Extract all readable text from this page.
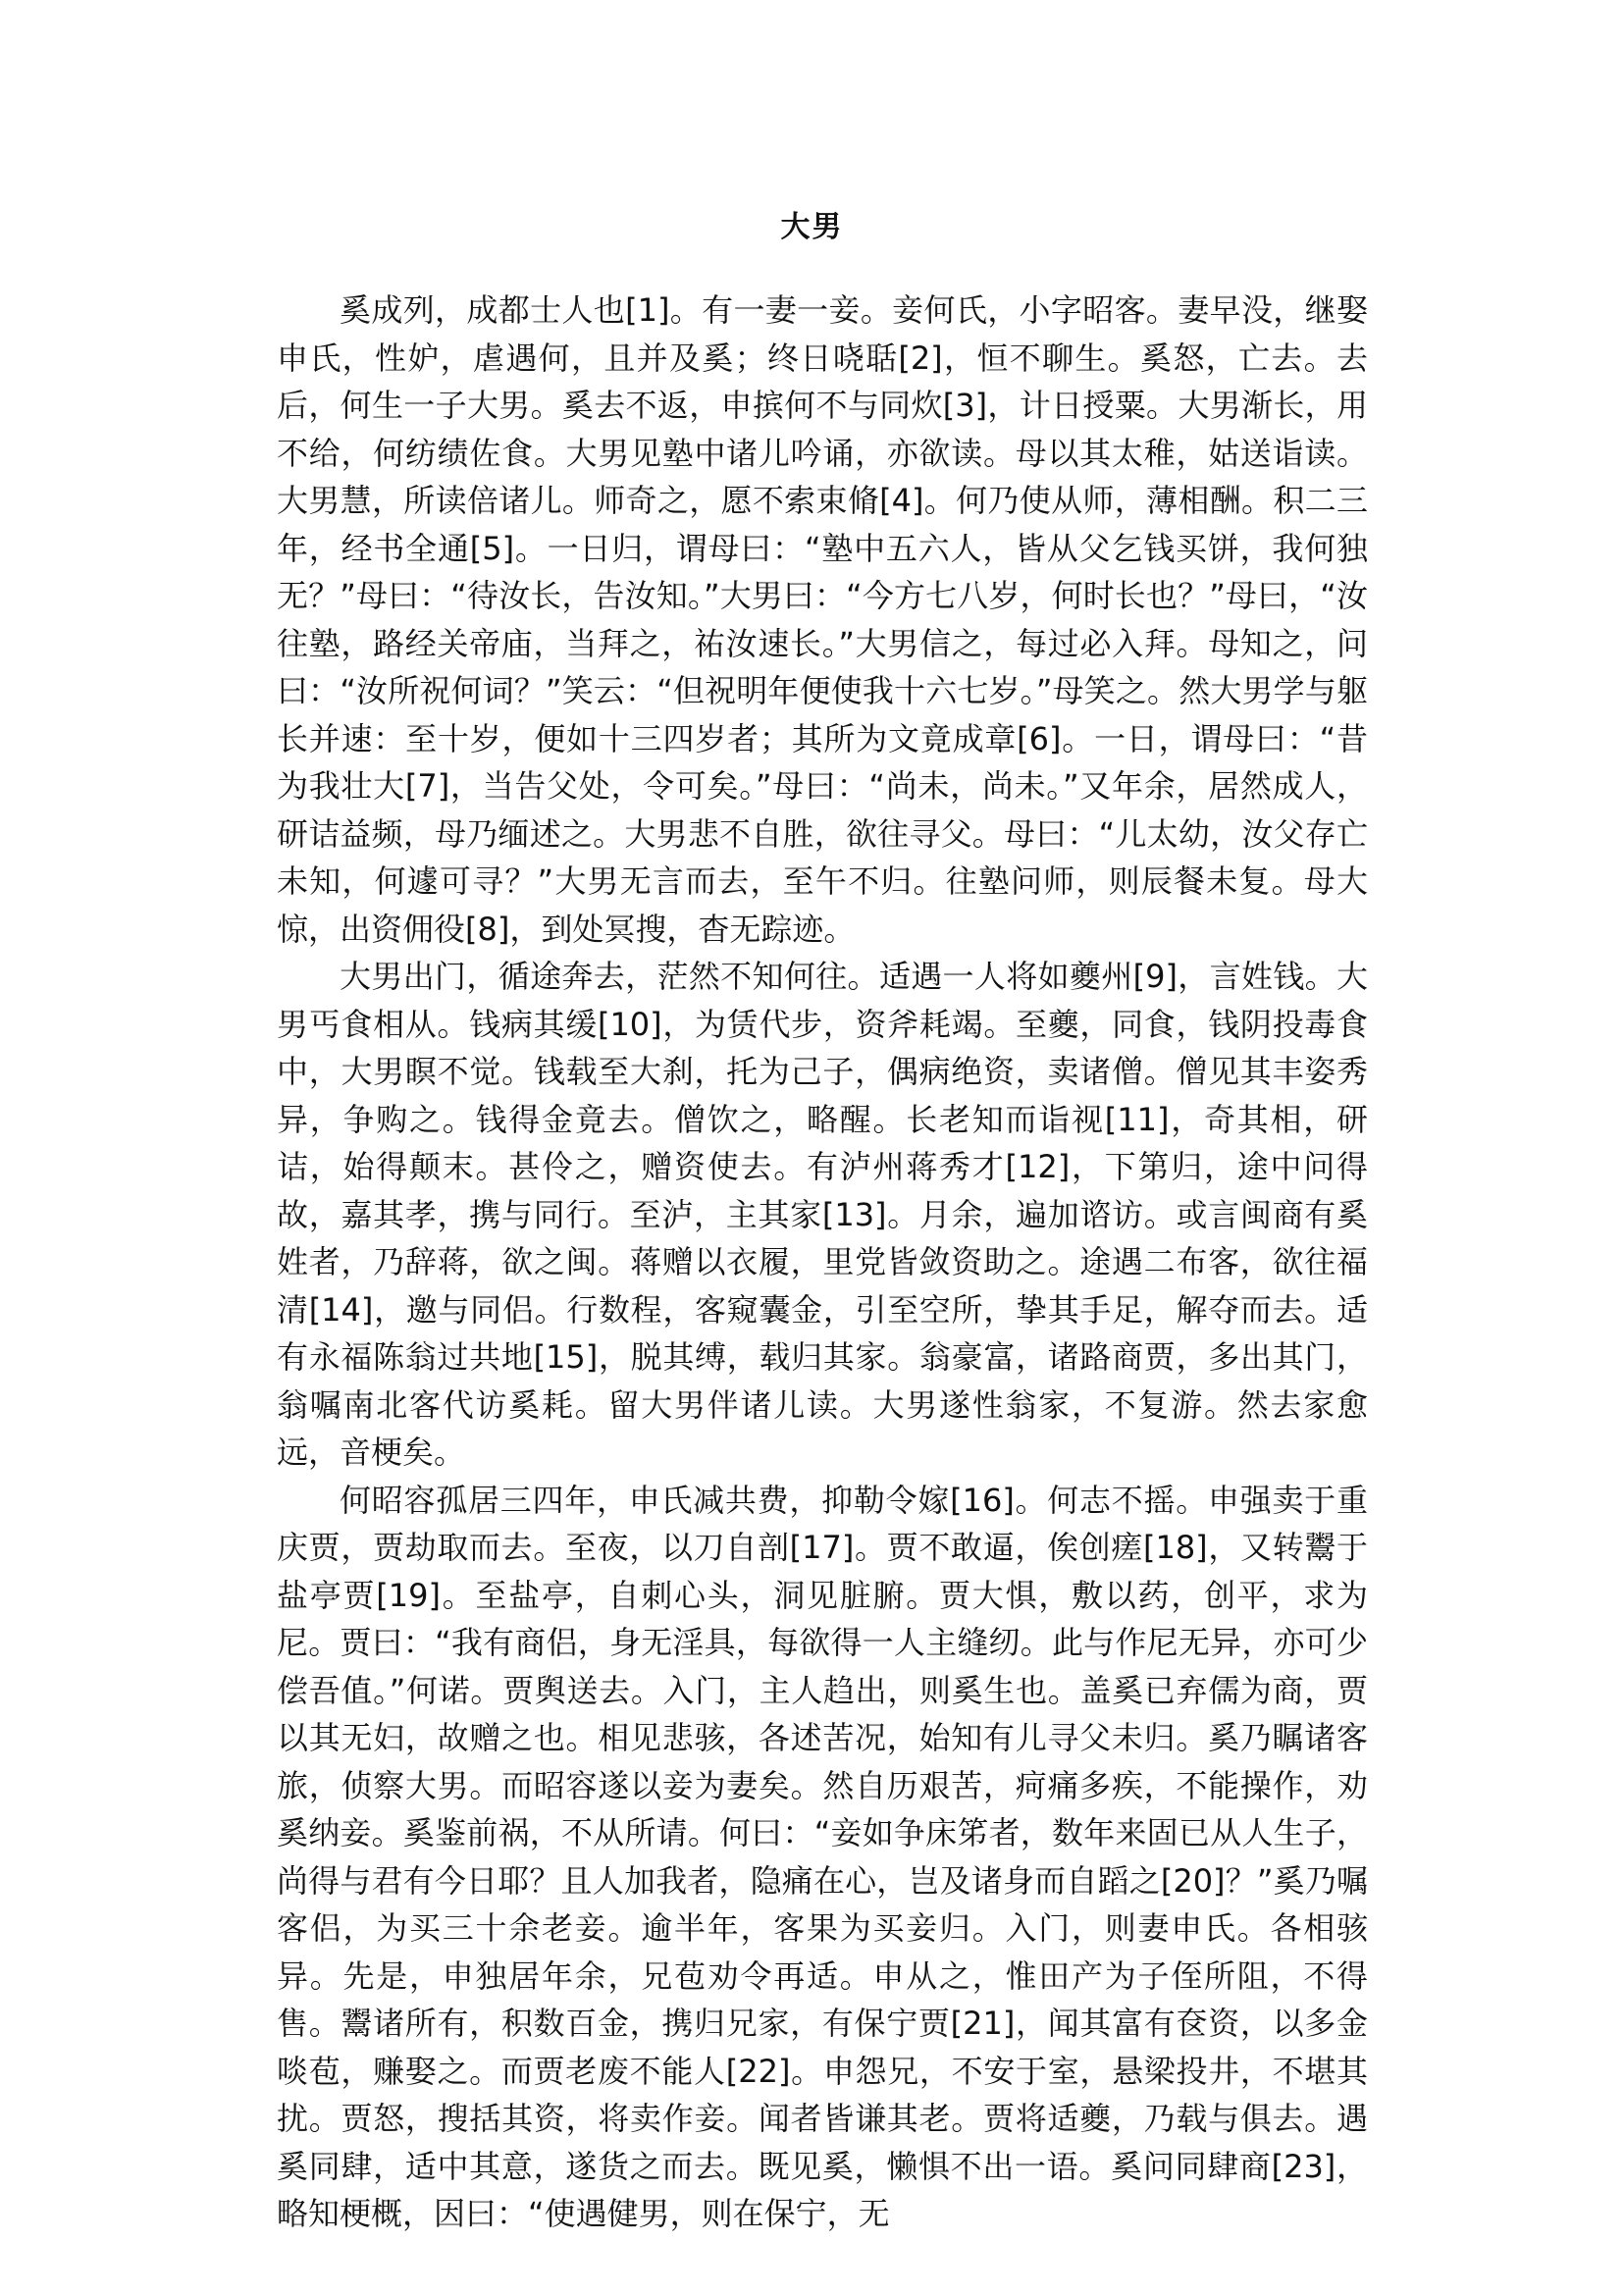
大男

奚成列，成都士人也[1]。有一妻一妾。妾何氏，小字昭客。妻早没，继娶申氏，性妒，虐遇何，且并及奚；终日哓聒[2]，恒不聊生。奚怒，亡去。去后，何生一子大男。奚去不返，申摈何不与同炊[3]，计日授粟。大男渐长，用不给，何纺绩佐食。大男见塾中诸儿吟诵，亦欲读。母以其太稚，姑送诣读。大男慧，所读倍诸儿。师奇之，愿不索束脩[4]。何乃使从师，薄相酬。积二三年，经书全通[5]。一日归，谓母曰：“塾中五六人，皆从父乞钱买饼，我何独无？”母曰：“待汝长，告汝知。”大男曰：“今方七八岁，何时长也？”母曰，“汝往塾，路经关帝庙，当拜之，祐汝速长。”大男信之，每过必入拜。母知之，问曰：“汝所祝何词？”笑云：“但祝明年便使我十六七岁。”母笑之。然大男学与躯长并速：至十岁，便如十三四岁者；其所为文竟成章[6]。一日，谓母曰：“昔为我壮大[7]，当告父处，令可矣。”母曰：“尚未，尚未。”又年余，居然成人，研诘益频，母乃缅述之。大男悲不自胜，欲往寻父。母曰：“儿太幼，汝父存亡未知，何遽可寻？”大男无言而去，至午不归。往塾问师，则辰餐未复。母大惊，出资佣役[8]，到处冥搜，杳无踪迹。

大男出门，循途奔去，茫然不知何往。适遇一人将如夔州[9]，言姓钱。大男丐食相从。钱病其缓[10]，为赁代步，资斧耗竭。至夔，同食，钱阴投毒食中，大男瞑不觉。钱载至大刹，托为己子，偶病绝资，卖诸僧。僧见其丰姿秀异，争购之。钱得金竟去。僧饮之，略醒。长老知而诣视[11]，奇其相，研诘，始得颠末。甚伶之，赠资使去。有泸州蒋秀才[12]，下第归，途中问得故，嘉其孝，携与同行。至泸，主其家[13]。月余，遍加谘访。或言闽商有奚姓者，乃辞蒋，欲之闽。蒋赠以衣履，里党皆敛资助之。途遇二布客，欲往福清[14]，邀与同侣。行数程，客窥囊金，引至空所，挚其手足，解夺而去。适有永福陈翁过共地[15]，脱其缚，载归其家。翁豪富，诸路商贾，多出其门，翁嘱南北客代访奚耗。留大男伴诸儿读。大男遂性翁家，不复游。然去家愈远，音梗矣。

何昭容孤居三四年，申氏减共费，抑勒令嫁[16]。何志不摇。申强卖于重庆贾，贾劫取而去。至夜，以刀自剖[17]。贾不敢逼，俟创瘥[18]，又转鬻于盐亭贾[19]。至盐亭，自刺心头，洞见脏腑。贾大惧，敷以药，创平，求为尼。贾曰：“我有商侣，身无淫具，每欲得一人主缝纫。此与作尼无异，亦可少偿吾值。”何诺。贾舆送去。入门，主人趋出，则奚生也。盖奚已弃儒为商，贾以其无妇，故赠之也。相见悲骇，各述苦况，始知有儿寻父未归。奚乃瞩诸客旅，侦察大男。而昭容遂以妾为妻矣。然自历艰苦，疴痛多疾，不能操作，劝奚纳妾。奚鉴前祸，不从所请。何曰：“妾如争床笫者，数年来固已从人生子，尚得与君有今日耶？且人加我者，隐痛在心，岂及诸身而自蹈之[20]？”奚乃嘱客侣，为买三十余老妾。逾半年，客果为买妾归。入门，则妻申氏。各相骇异。先是，申独居年余，兄苞劝令再适。申从之，惟田产为子侄所阻，不得售。鬻诸所有，积数百金，携归兄家，有保宁贾[21]，闻其富有奁资，以多金啖苞，赚娶之。而贾老废不能人[22]。申怨兄，不安于室，悬梁投井，不堪其扰。贾怒，搜括其资，将卖作妾。闻者皆谦其老。贾将适夔，乃载与俱去。遇奚同肆，适中其意，遂货之而去。既见奚，懒惧不出一语。奚问同肆商[23]，略知梗概，因曰：“使遇健男，则在保宁，无
